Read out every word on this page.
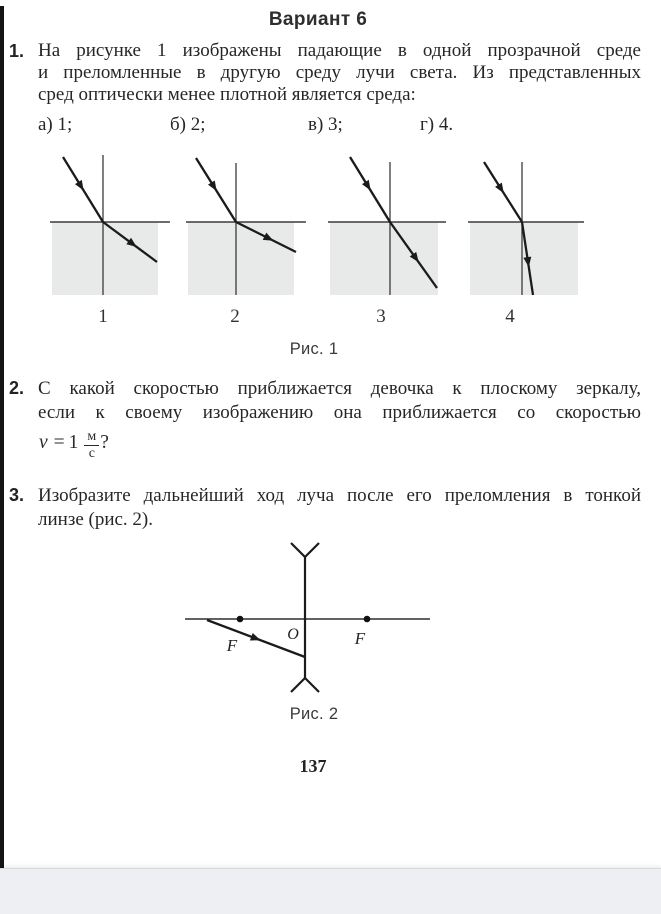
Вариант 6
1. На рисунке 1 изображены падающие в одной прозрачной среде
и преломленные в другую среду лучи света. Из представленных
сред оптически менее плотной является среда:
а) 1;	б) 2;	в) 3;	г) 4.
1	2	3	4
Рис. 1
2. С какой скоростью приближается девочка к плоскому зеркалу,
если к своему изображению она приближается со скоростью
$v = 1 \frac{м}{с}$ ?
3. Изобразите дальнейший ход луча после его преломления в тонкой
линзе (рис. 2).
O
F	F
Рис. 2
137
